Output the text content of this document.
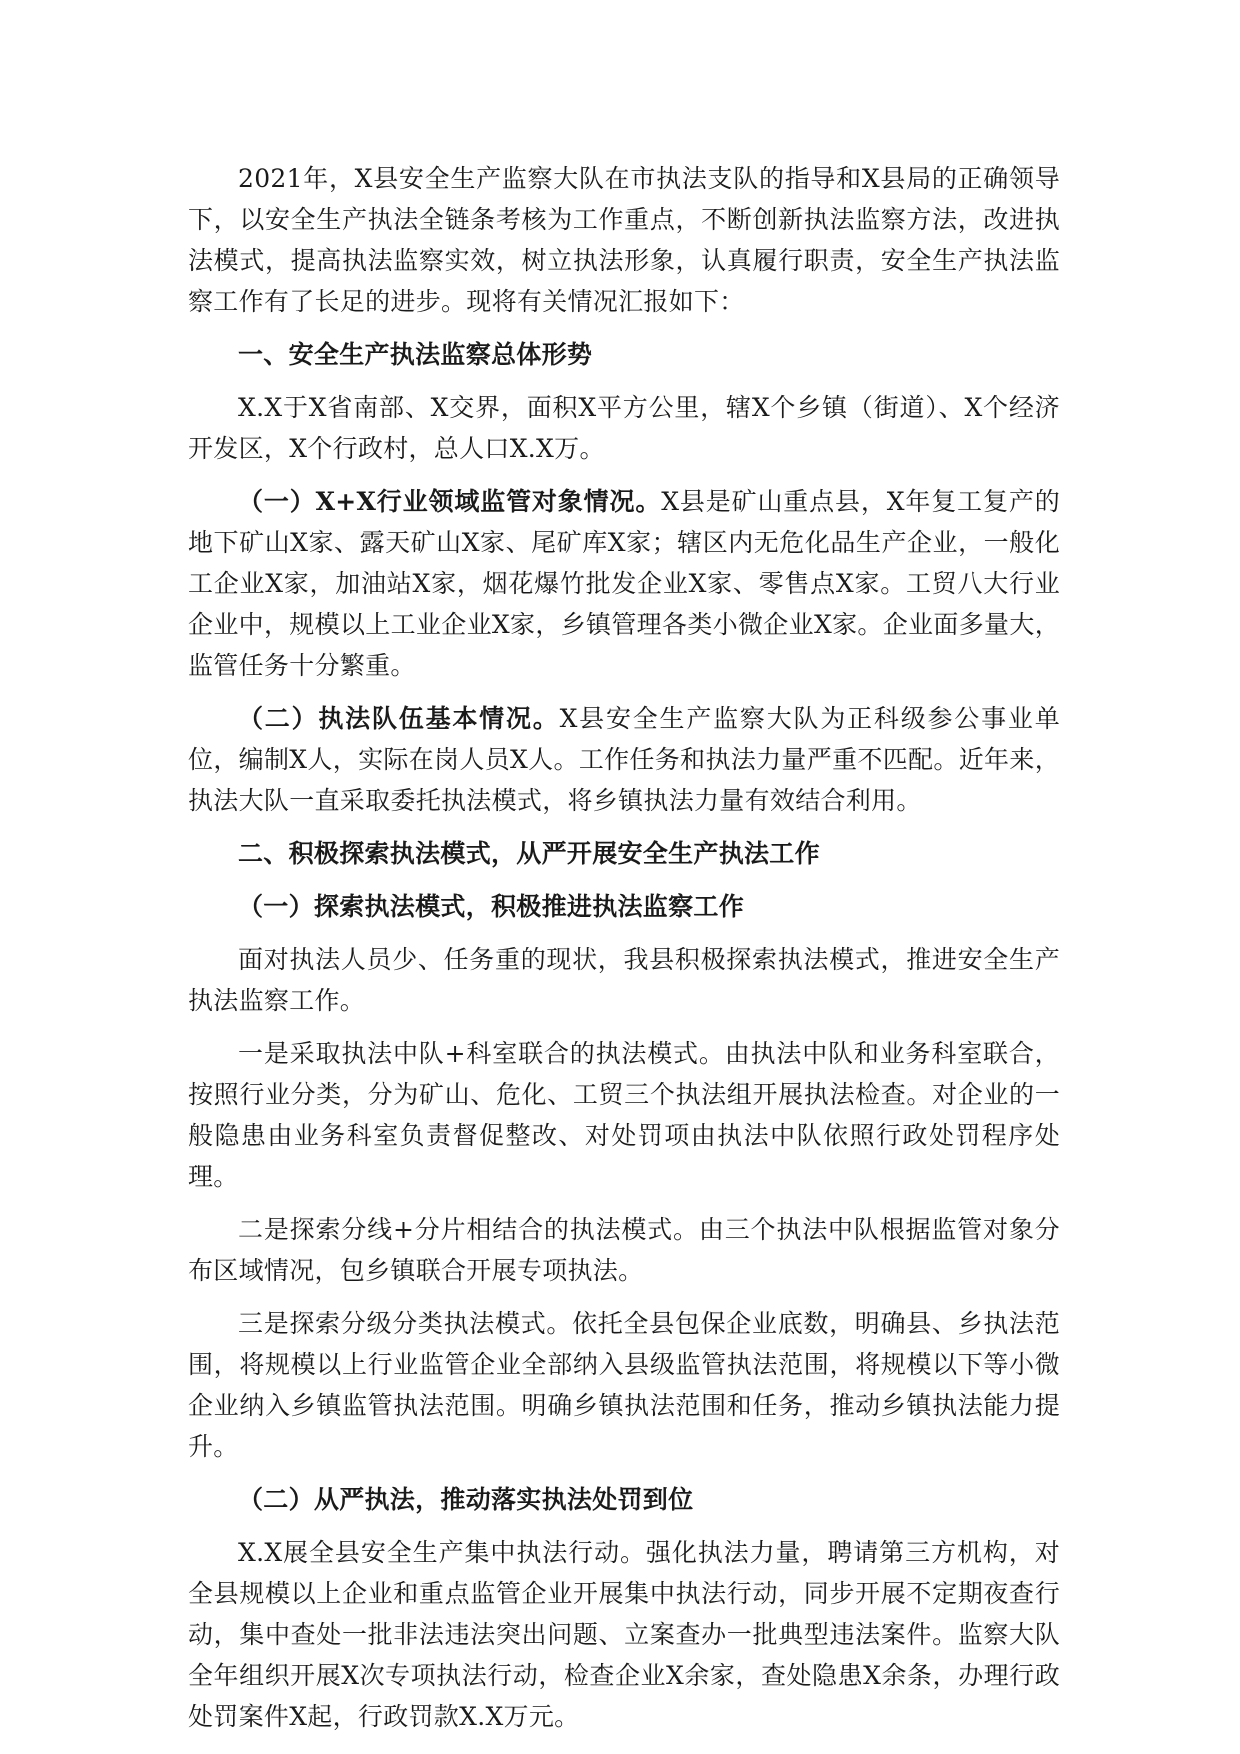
2021年，X县安全生产监察大队在市执法支队的指导和X县局的正确领导下，以安全生产执法全链条考核为工作重点，不断创新执法监察方法，改进执法模式，提高执法监察实效，树立执法形象，认真履行职责，安全生产执法监察工作有了长足的进步。现将有关情况汇报如下：

一、安全生产执法监察总体形势

X.X于X省南部、X交界，面积X平方公里，辖X个乡镇（街道）、X个经济开发区，X个行政村，总人口X.X万。

（一）X+X行业领域监管对象情况。X县是矿山重点县，X年复工复产的地下矿山X家、露天矿山X家、尾矿库X家；辖区内无危化品生产企业，一般化工企业X家，加油站X家，烟花爆竹批发企业X家、零售点X家。工贸八大行业企业中，规模以上工业企业X家，乡镇管理各类小微企业X家。企业面多量大，监管任务十分繁重。

（二）执法队伍基本情况。X县安全生产监察大队为正科级参公事业单位，编制X人，实际在岗人员X人。工作任务和执法力量严重不匹配。近年来，执法大队一直采取委托执法模式，将乡镇执法力量有效结合利用。

二、积极探索执法模式，从严开展安全生产执法工作

（一）探索执法模式，积极推进执法监察工作

面对执法人员少、任务重的现状，我县积极探索执法模式，推进安全生产执法监察工作。

一是采取执法中队+科室联合的执法模式。由执法中队和业务科室联合，按照行业分类，分为矿山、危化、工贸三个执法组开展执法检查。对企业的一般隐患由业务科室负责督促整改、对处罚项由执法中队依照行政处罚程序处理。

二是探索分线+分片相结合的执法模式。由三个执法中队根据监管对象分布区域情况，包乡镇联合开展专项执法。

三是探索分级分类执法模式。依托全县包保企业底数，明确县、乡执法范围，将规模以上行业监管企业全部纳入县级监管执法范围，将规模以下等小微企业纳入乡镇监管执法范围。明确乡镇执法范围和任务，推动乡镇执法能力提升。

（二）从严执法，推动落实执法处罚到位

X.X展全县安全生产集中执法行动。强化执法力量，聘请第三方机构，对全县规模以上企业和重点监管企业开展集中执法行动，同步开展不定期夜查行动，集中查处一批非法违法突出问题、立案查办一批典型违法案件。监察大队全年组织开展X次专项执法行动，检查企业X余家，查处隐患X余条，办理行政处罚案件X起，行政罚款X.X万元。
